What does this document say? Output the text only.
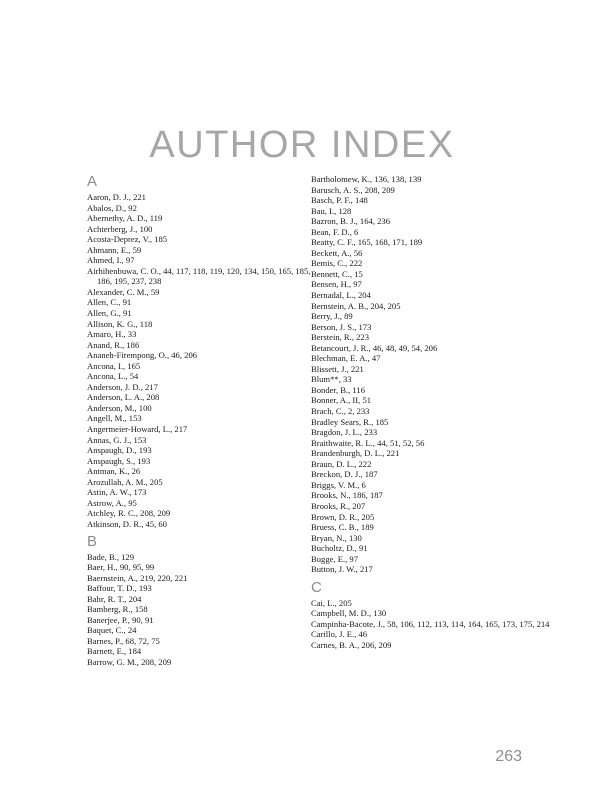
AUTHOR INDEX
A
Aaron, D. J., 221
Abalos, D., 92
Abernethy, A. D., 119
Achterberg, J., 100
Acosta-Deprez, V., 185
Ahmann, E., 59
Ahmed, I., 97
Airhihenbuwa, C. O., 44, 117, 118, 119, 120, 134, 150, 165, 185, 186, 195, 237, 238
Alexander, C. M., 59
Allen, C., 91
Allen, G., 91
Allison, K. G., 118
Amaro, H., 33
Anand, R., 186
Ananeh-Firempong, O., 46, 206
Ancona, I., 165
Ancona, L., 54
Anderson, J. D., 217
Anderson, L. A., 208
Anderson, M., 100
Angell, M., 153
Angermeier-Howard, L., 217
Annas, G. J., 153
Anspaugh, D., 193
Anspaugh, S., 193
Antman, K., 26
Arozullah, A. M., 205
Astin, A. W., 173
Astrow, A., 95
Atchley, R. C., 208, 209
Atkinson, D. R., 45, 60
B
Bade, B., 129
Baer, H., 90, 95, 99
Baernstein, A., 219, 220, 221
Baffour, T. D., 193
Bahr, R. T., 204
Bamberg, R., 158
Banerjee, P., 90, 91
Baquet, C., 24
Barnes, P., 68, 72, 75
Barnett, E., 184
Barrow, G. M., 208, 209
Bartholomew, K., 136, 138, 139
Barusch, A. S., 208, 209
Basch, P. F., 148
Bau, I., 128
Bazron, B. J., 164, 236
Bean, F. D., 6
Beatty, C. F., 165, 168, 171, 189
Beckett, A., 56
Bemis, C., 222
Bennett, C., 15
Bensen, H., 97
Bernadal, L., 204
Bernstein, A. B., 204, 205
Berry, J., 89
Berson, J. S., 173
Berstein, R., 223
Betancourt, J. R., 46, 48, 49, 54, 206
Blechman, E. A., 47
Blissett, J., 221
Blum**, 33
Bonder, B., 116
Bonner, A., II, 51
Brach, C., 2, 233
Bradley Sears, R., 185
Bragdon, J. L., 233
Braithwaite, R. L., 44, 51, 52, 56
Brandenburgh, D. L., 221
Braun, D. L., 222
Breckon, D. J., 187
Briggs, V. M., 6
Brooks, N., 186, 187
Brooks, R., 207
Brown, D. R., 205
Bruess, C. B., 189
Bryan, N., 130
Bucholtz, D., 91
Bugge, E., 97
Button, J. W., 217
C
Cai, L., 205
Campbell, M. D., 130
Campinha-Bacote, J., 58, 106, 112, 113, 114, 164, 165, 173, 175, 214
Carillo, J. E., 46
Carnes, B. A., 206, 209
263
